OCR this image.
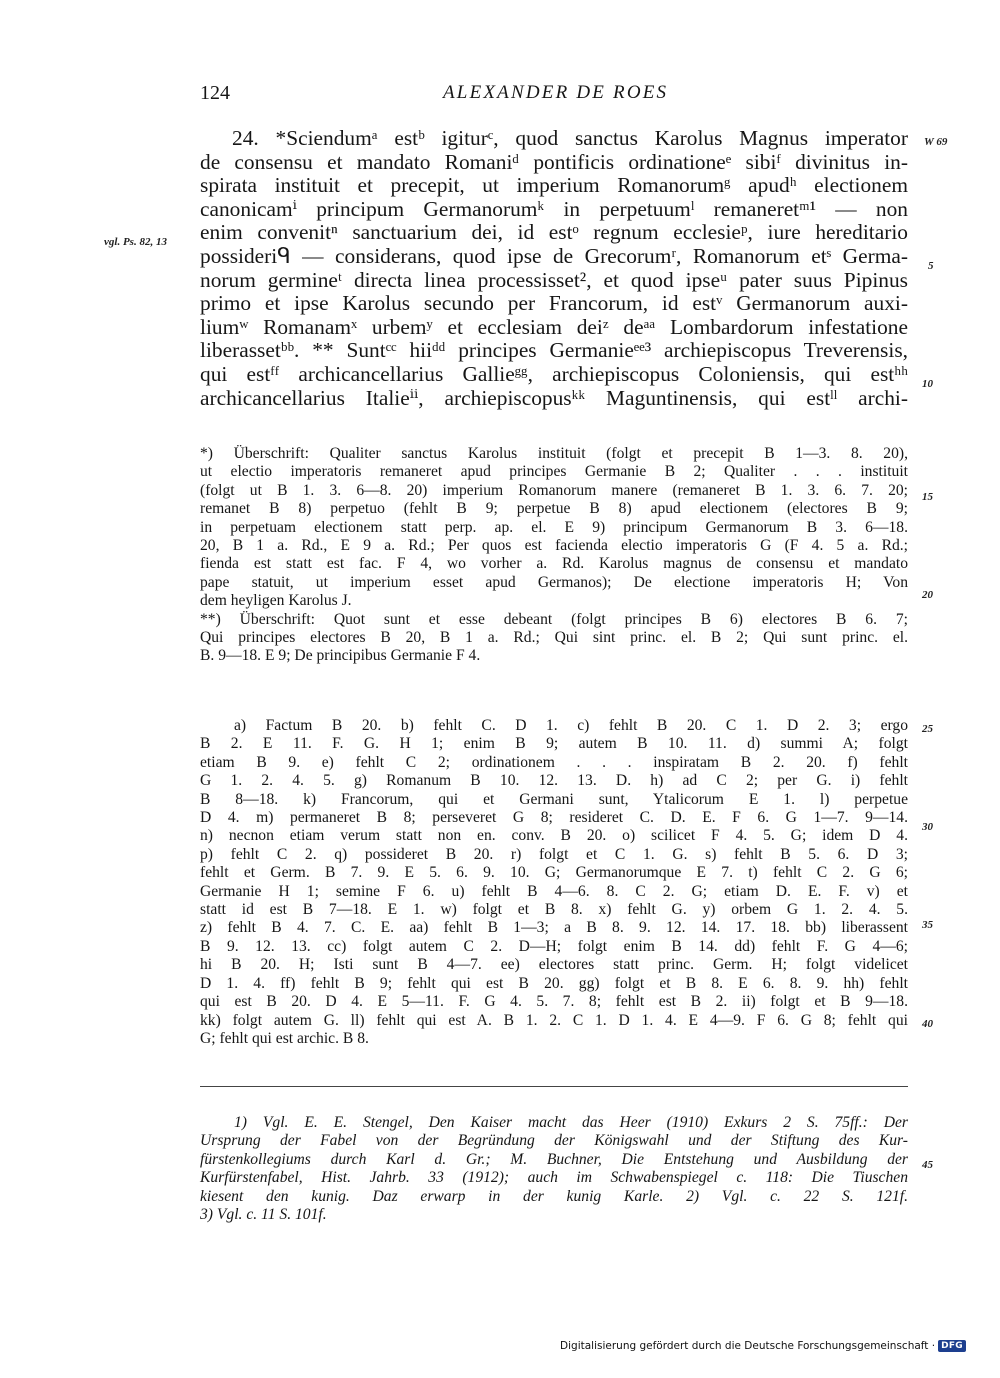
124	ALEXANDER DE ROES
24. *Sciendumᵃ estᵇ igiturᶜ, quod sanctus Karolus Magnus imperator
de consensu et mandato Romaniᵈ pontificis ordinationeᵉ sibiᶠ divinitus in-
spirata instituit et precepit, ut imperium Romanorumᵍ apudʰ electionem
canonicamⁱ principum Germanorumᵏ in perpetuumˡ remaneretᵐ¹ — non
enim convenitⁿ sanctuarium dei, id estᵒ regnum ecclesieᵖ, iure hereditario
possideriᑫ — considerans, quod ipse de Grecorumʳ, Romanorum etˢ Germa-
norum germineᵗ directa linea processisset², et quod ipseᵘ pater suus Pipinus
primo et ipse Karolus secundo per Francorum, id estᵛ Germanorum auxi-
liumʷ Romanamˣ urbemʸ et ecclesiam deiᶻ deᵃᵃ Lombardorum infestatione
liberassetᵇᵇ. ** Suntᶜᶜ hiiᵈᵈ principes Germanieᵉᵉ³ archiepiscopus Treverensis,
qui estᶠᶠ archicancellarius Gallieᵍᵍ, archiepiscopus Coloniensis, qui estʰʰ
archicancellarius Italieⁱⁱ, archiepiscopusᵏᵏ Maguntinensis, qui estˡˡ archi-
W 69
vgl. Ps. 82, 13
5
10
15
20
25
30
35
40
45
*) Überschrift: Qualiter sanctus Karolus instituit (folgt et precepit B 1—3. 8. 20),
ut electio imperatoris remaneret apud principes Germanie B 2; Qualiter . . . instituit
(folgt ut B 1. 3. 6—8. 20) imperium Romanorum manere (remaneret B 1. 3. 6. 7. 20;
remanet B 8) perpetuo (fehlt B 9; perpetue B 8) apud electionem (electores B 9;
in perpetuam electionem statt perp. ap. el. E 9) principum Germanorum B 3. 6—18.
20, B 1 a. Rd., E 9 a. Rd.; Per quos est facienda electio imperatoris G (F 4. 5 a. Rd.;
fienda est statt est fac. F 4, wo vorher a. Rd. Karolus magnus de consensu et mandato
pape statuit, ut imperium esset apud Germanos); De electione imperatoris H; Von
dem heyligen Karolus J.
**) Überschrift: Quot sunt et esse debeant (folgt principes B 6) electores B 6. 7;
Qui principes electores B 20, B 1 a. Rd.; Qui sint princ. el. B 2; Qui sunt princ. el.
B. 9—18. E 9; De principibus Germanie F 4.
a) Factum B 20. b) fehlt C. D 1. c) fehlt B 20. C 1. D 2. 3; ergo
B 2. E 11. F. G. H 1; enim B 9; autem B 10. 11. d) summi A; folgt
etiam B 9. e) fehlt C 2; ordinationem . . . inspiratam B 2. 20. f) fehlt
G 1. 2. 4. 5. g) Romanum B 10. 12. 13. D. h) ad C 2; per G. i) fehlt
B 8—18. k) Francorum, qui et Germani sunt, Ytalicorum E 1. l) perpetue
D 4. m) permaneret B 8; perseveret G 8; resideret C. D. E. F 6. G 1—7. 9—14.
n) necnon etiam verum statt non en. conv. B 20. o) scilicet F 4. 5. G; idem D 4.
p) fehlt C 2. q) possideret B 20. r) folgt et C 1. G. s) fehlt B 5. 6. D 3;
fehlt et Germ. B 7. 9. E 5. 6. 9. 10. G; Germanorumque E 7. t) fehlt C 2. G 6;
Germanie H 1; semine F 6. u) fehlt B 4—6. 8. C 2. G; etiam D. E. F. v) et
statt id est B 7—18. E 1. w) folgt et B 8. x) fehlt G. y) orbem G 1. 2. 4. 5.
z) fehlt B 4. 7. C. E. aa) fehlt B 1—3; a B 8. 9. 12. 14. 17. 18. bb) liberassent
B 9. 12. 13. cc) folgt autem C 2. D—H; folgt enim B 14. dd) fehlt F. G 4—6;
hi B 20. H; Isti sunt B 4—7. ee) electores statt princ. Germ. H; folgt videlicet
D 1. 4. ff) fehlt B 9; fehlt qui est B 20. gg) folgt et B 8. E 6. 8. 9. hh) fehlt
qui est B 20. D 4. E 5—11. F. G 4. 5. 7. 8; fehlt est B 2. ii) folgt et B 9—18.
kk) folgt autem G. ll) fehlt qui est A. B 1. 2. C 1. D 1. 4. E 4—9. F 6. G 8; fehlt qui
G; fehlt qui est archic. B 8.
1) Vgl. E. E. Stengel, Den Kaiser macht das Heer (1910) Exkurs 2 S. 75ff.: Der
Ursprung der Fabel von der Begründung der Königswahl und der Stiftung des Kur-
fürstenkollegiums durch Karl d. Gr.; M. Buchner, Die Entstehung und Ausbildung der
Kurfürstenfabel, Hist. Jahrb. 33 (1912); auch im Schwabenspiegel c. 118: Die Tiuschen
kiesent den kunig. Daz erwarp in der kunig Karle. 2) Vgl. c. 22 S. 121f.
3) Vgl. c. 11 S. 101f.
Digitalisierung gefördert durch die Deutsche Forschungsgemeinschaft · DFG
